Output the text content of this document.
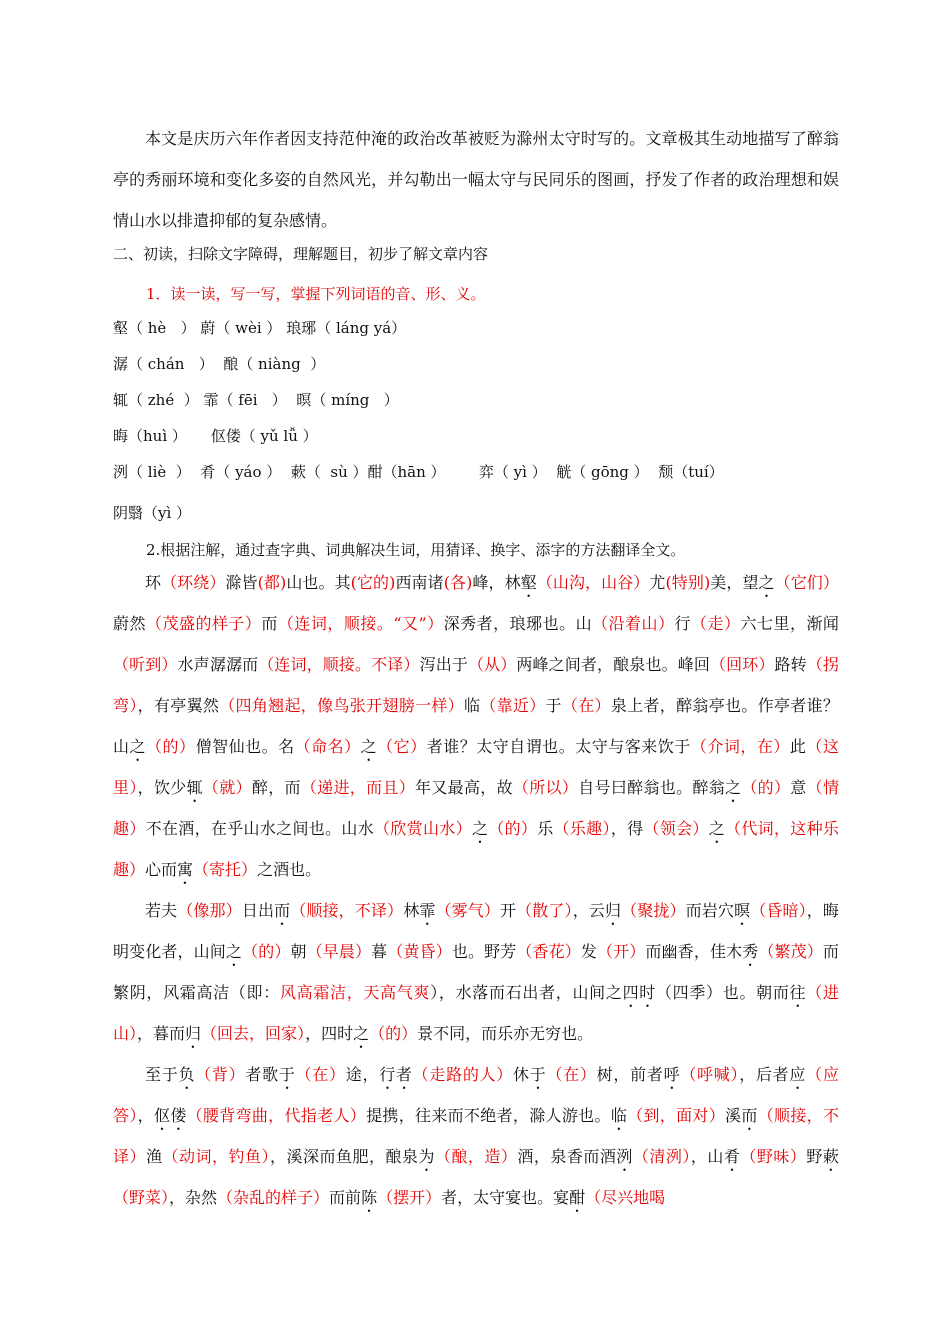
本文是庆历六年作者因支持范仲淹的政治改革被贬为滁州太守时写的。文章极其生动地描写了醉翁亭的秀丽环境和变化多姿的自然风光，并勾勒出一幅太守与民同乐的图画，抒发了作者的政治理想和娱情山水以排遣抑郁的复杂感情。
二、初读，扫除文字障碍，理解题目，初步了解文章内容
1．读一读，写一写，掌握下列词语的音、形、义。
壑（ hè   ） 蔚（ wèi ） 琅琊（ láng yá）
潺（ chán   ）  酿（ niàng  ）
辄（ zhé  ） 霏（ fēi   ）  暝（ míng   ）
晦（huì ）     伛偻（ yǔ lǚ ）
洌（ liè  ）  肴（ yáo ）  蔌（  sù ）酣（hān ）       弈（ yì ）  觥（ gōng ）  颓（tuí）
阴翳（yì ）
2.根据注解，通过查字典、词典解决生词，用猜译、换字、添字的方法翻译全文。
环（环绕）滁皆(都)山也。其(它的)西南诸(各)峰，林壑（山沟，山谷）尤(特别)美，望之（它们）蔚然（茂盛的样子）而（连词，顺接。“又”）深秀者，琅琊也。山（沿着山）行（走）六七里，渐闻（听到）水声潺潺而（连词，顺接。不译）泻出于（从）两峰之间者，酿泉也。峰回（回环）路转（拐弯），有亭翼然（四角翘起，像鸟张开翅膀一样）临（靠近）于（在）泉上者，醉翁亭也。作亭者谁？山之（的）僧智仙也。名（命名）之（它）者谁？太守自谓也。太守与客来饮于（介词，在）此（这里），饮少辄（就）醉，而（递进，而且）年又最高，故（所以）自号曰醉翁也。醉翁之（的）意（情趣）不在酒，在乎山水之间也。山水（欣赏山水）之（的）乐（乐趣），得（领会）之（代词，这种乐趣）心而寓（寄托）之酒也。
若夫（像那）日出而（顺接，不译）林霏（雾气）开（散了），云归（聚拢）而岩穴暝（昏暗），晦明变化者，山间之（的）朝（早晨）暮（黄昏）也。野芳（香花）发（开）而幽香，佳木秀（繁茂）而繁阴，风霜高洁（即：风高霜洁，天高气爽），水落而石出者，山间之四时（四季）也。朝而往（进山），暮而归（回去，回家），四时之（的）景不同，而乐亦无穷也。
至于负（背）者歌于（在）途，行者（走路的人）休于（在）树，前者呼（呼喊），后者应（应答），伛偻（腰背弯曲，代指老人）提携，往来而不绝者，滁人游也。临（到，面对）溪而（顺接，不译）渔（动词，钓鱼），溪深而鱼肥，酿泉为（酿，造）酒，泉香而酒洌（清洌），山肴（野味）野蔌（野菜），杂然（杂乱的样子）而前陈（摆开）者，太守宴也。宴酣（尽兴地喝
